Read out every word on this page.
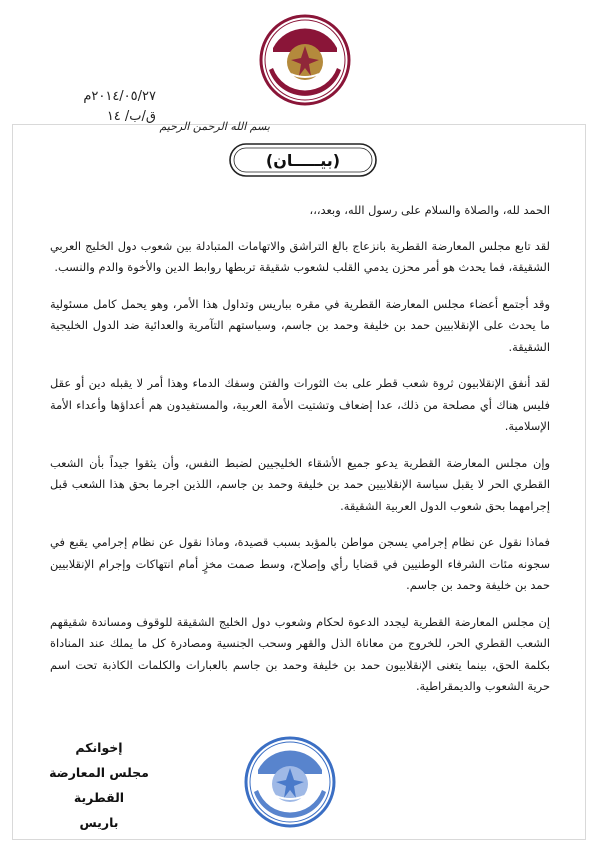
٢٠١٤/٠٥/٢٧م
ق/ب/ ١٤
بسم الله الرحمن الرحيم
(بيـــــان)

الحمد لله، والصلاة والسلام على رسول الله، وبعد،،،

لقد تابع مجلس المعارضة القطرية بانزعاج بالغ التراشق والاتهامات المتبادلة بين شعوب دول الخليج العربي الشقيقة، فما يحدث هو أمر محزن يدمي القلب لشعوب شقيقة تربطها روابط الدين والأخوة والدم والنسب.

وقد أجتمع أعضاء مجلس المعارضة القطرية في مقره بباريس وتداول هذا الأمر، وهو يحمل كامل مسئولية ما يحدث على الإنقلابيين حمد بن خليفة وحمد بن جاسم، وسياستهم التآمرية والعدائية ضد الدول الخليجية الشقيقة.

لقد أنفق الإنقلابيون ثروة شعب قطر على بث الثورات والفتن وسفك الدماء وهذا أمر لا يقبله دين أو عقل فليس هناك أي مصلحة من ذلك، عدا إضعاف وتشتيت الأمة العربية، والمستفيدون هم أعداؤها وأعداء الأمة الإسلامية.

وإن مجلس المعارضة القطرية يدعو جميع الأشقاء الخليجيين لضبط النفس، وأن يثقوا جيداً بأن الشعب القطري الحر لا يقبل سياسة الإنقلابيين حمد بن خليفة وحمد بن جاسم، اللذين اجرما بحق هذا الشعب قبل إجرامهما بحق شعوب الدول العربية الشقيقة.

فماذا نقول عن نظام إجرامي يسجن مواطن بالمؤبد بسبب قصيدة، وماذا نقول عن نظام إجرامي يقبع في سجونه مئات الشرفاء الوطنيين في قضايا رأي وإصلاح، وسط صمت مخزٍ أمام انتهاكات وإجرام الإنقلابيين حمد بن خليفة وحمد بن جاسم.

إن مجلس المعارضة القطرية ليجدد الدعوة لحكام وشعوب دول الخليج الشقيقة للوقوف ومساندة شقيقهم الشعب القطري الحر، للخروج من معاناة الذل والقهر وسحب الجنسية ومصادرة كل ما يملك عند المناداة بكلمة الحق، بينما يتغنى الإنقلابيون حمد بن خليفة وحمد بن جاسم بالعبارات والكلمات الكاذبة تحت اسم حرية الشعوب والديمقراطية.

إخوانكم
مجلس المعارضة القطرية
باريس
